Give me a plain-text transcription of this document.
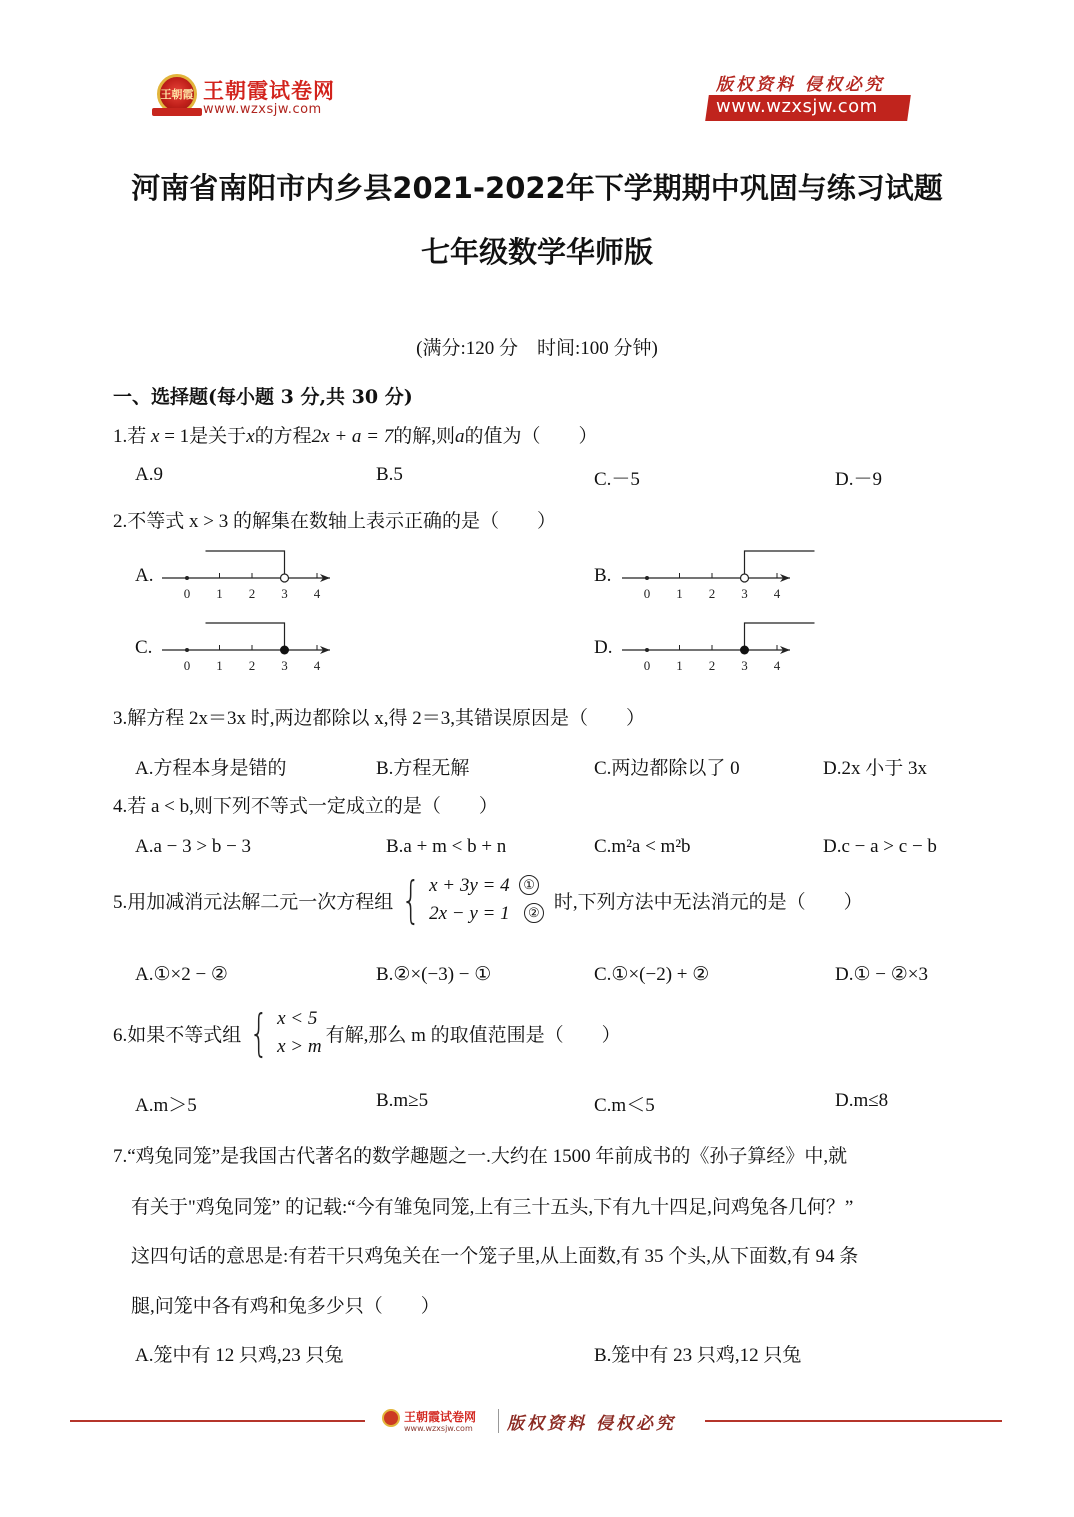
王朝霞 王朝霞试卷网
www.wzxsjw.com
版权资料 侵权必究
www.wzxsjw.com
河南省南阳市内乡县2021-2022年下学期期中巩固与练习试题
七年级数学华师版
(满分:120 分　时间:100 分钟)
一、选择题(每小题 3 分,共 30 分)
1.若 x = 1是关于x的方程2x + a = 7的解,则a的值为（　　）
A.9	B.5	C.－5	D.－9
2.不等式 x > 3 的解集在数轴上表示正确的是（　　）
A.
0 1 2 3 4
B.
0 1 2 3 4
C.
0 1 2 3 4
D.
0 1 2 3 4
3.解方程 2x＝3x 时,两边都除以 x,得 2＝3,其错误原因是（　　）
A.方程本身是错的	B.方程无解	C.两边都除以了 0	D.2x 小于 3x
4.若 a < b,则下列不等式一定成立的是（　　）
A.a − 3 > b − 3	B.a + m < b + n	C.m²a < m²b	D.c − a > c − b
5.用加减消元法解二元一次方程组 { x + 3y = 4 ①
2x − y = 1 ② 时,下列方法中无法消元的是（　　）
A.①×2 − ②	B.②×(−3) − ①	C.①×(−2) + ②	D.① − ②×3
6.如果不等式组 { x < 5
x > m
有解,那么 m 的取值范围是（　　）
A.m＞5	B.m≥5	C.m＜5	D.m≤8
7.“鸡兔同笼”是我国古代著名的数学趣题之一.大约在 1500 年前成书的《孙子算经》中,就
有关于"鸡兔同笼” 的记载:“今有雏兔同笼,上有三十五头,下有九十四足,问鸡兔各几何？”
这四句话的意思是:有若干只鸡兔关在一个笼子里,从上面数,有 35 个头,从下面数,有 94 条
腿,问笼中各有鸡和兔多少只（　　）
A.笼中有 12 只鸡,23 只兔	B.笼中有 23 只鸡,12 只兔
王朝霞试卷网
www.wzxsjw.com 版权资料 侵权必究
